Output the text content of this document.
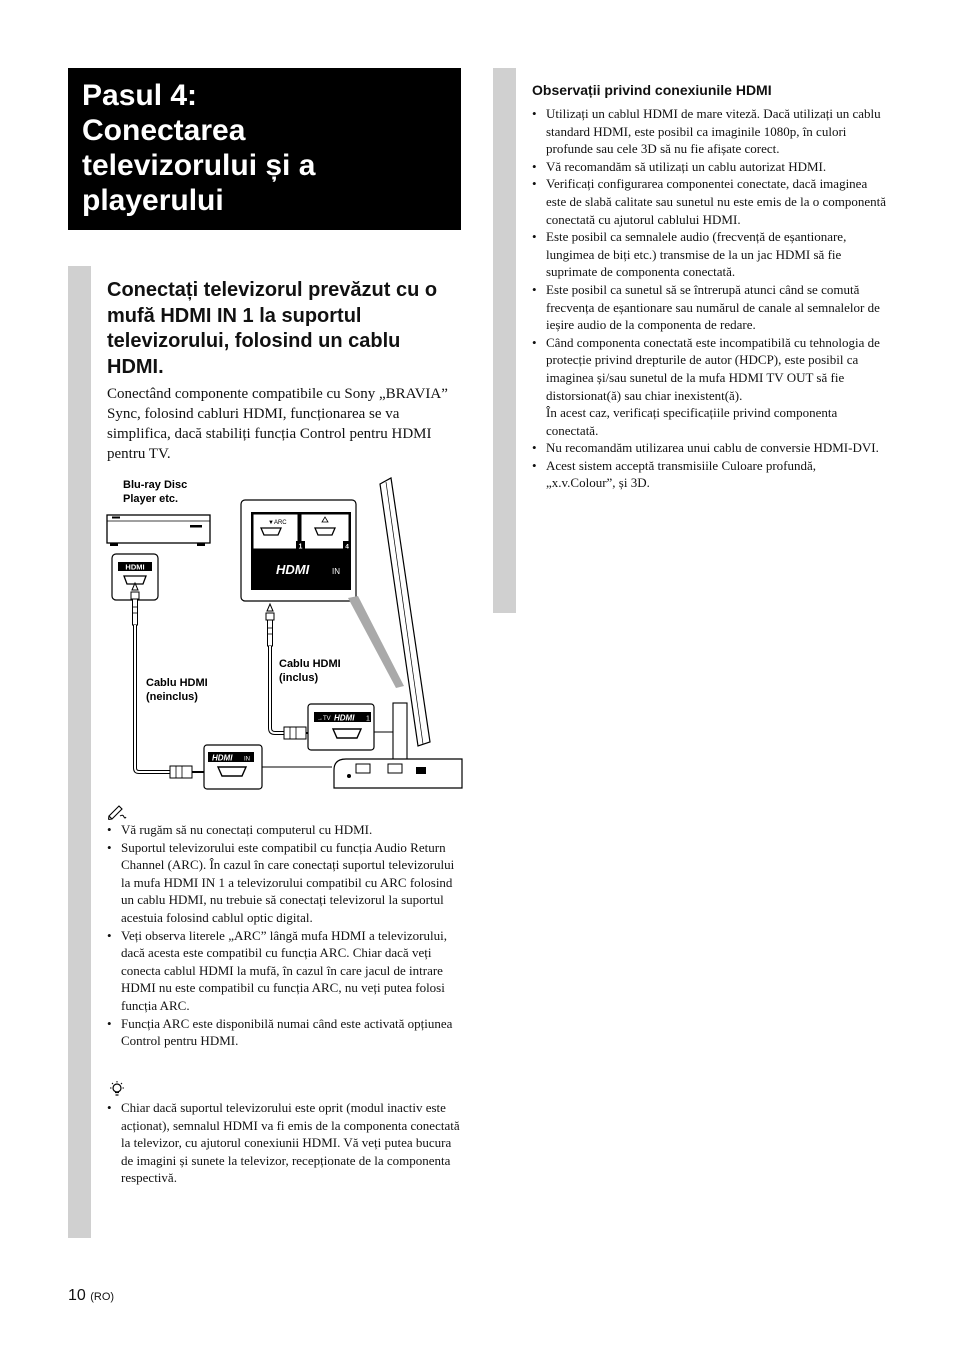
Pasul 4:
Conectarea
televizorului și a
playerului
Conectați televizorul prevăzut cu o mufă HDMI IN 1 la suportul televizorului, folosind un cablu HDMI.

Conectând componente compatibile cu Sony „BRAVIA” Sync, folosind cabluri HDMI, funcționarea se va simplifica, dacă stabiliți funcția Control pentru HDMI pentru TV.

HDMI
▼ARC
1	4
HDMI	IN
→TV HDMI 1
HDMI IN
Blu-ray Disc
Player etc.
Cablu HDMI
(neinclus)
Cablu HDMI
(inclus)
• Vă rugăm să nu conectați computerul cu HDMI.
• Suportul televizorului este compatibil cu funcția Audio Return Channel (ARC). În cazul în care conectați suportul televizorului la mufa HDMI IN 1 a televizorului compatibil cu ARC folosind un cablu HDMI, nu trebuie să conectați televizorul la suportul acestuia folosind cablul optic digital.
• Veți observa literele „ARC” lângă mufa HDMI a televizorului, dacă acesta este compatibil cu funcția ARC. Chiar dacă veți conecta cablul HDMI la mufă, în cazul în care jacul de intrare HDMI nu este compatibil cu funcția ARC, nu veți putea folosi funcția ARC.
• Funcția ARC este disponibilă numai când este activată opțiunea Control pentru HDMI.
• Chiar dacă suportul televizorului este oprit (modul inactiv este acționat), semnalul HDMI va fi emis de la componenta conectată la televizor, cu ajutorul conexiunii HDMI. Vă veți putea bucura de imagini și sunete la televizor, recepționate de la componenta respectivă.
Observații privind conexiunile HDMI
• Utilizați un cablul HDMI de mare viteză. Dacă utilizați un cablu standard HDMI, este posibil ca imaginile 1080p, în culori profunde sau cele 3D să nu fie afișate corect.
• Vă recomandăm să utilizați un cablu autorizat HDMI.
• Verificați configurarea componentei conectate, dacă imaginea este de slabă calitate sau sunetul nu este emis de la o componentă conectată cu ajutorul cablului HDMI.
• Este posibil ca semnalele audio (frecvență de eșantionare, lungimea de biți etc.) transmise de la un jac HDMI să fie suprimate de componenta conectată.
• Este posibil ca sunetul să se întrerupă atunci când se comută frecvența de eșantionare sau numărul de canale al semnalelor de ieșire audio de la componenta de redare.
• Când componenta conectată este incompatibilă cu tehnologia de protecție privind drepturile de autor (HDCP), este posibil ca imaginea și/sau sunetul de la mufa HDMI TV OUT să fie distorsionat(ă) sau chiar inexistent(ă).
În acest caz, verificați specificațiile privind componenta conectată.
• Nu recomandăm utilizarea unui cablu de conversie HDMI-DVI.
• Acest sistem acceptă transmisiile Culoare profundă, „x.v.Colour”, și 3D.
10 (RO)
